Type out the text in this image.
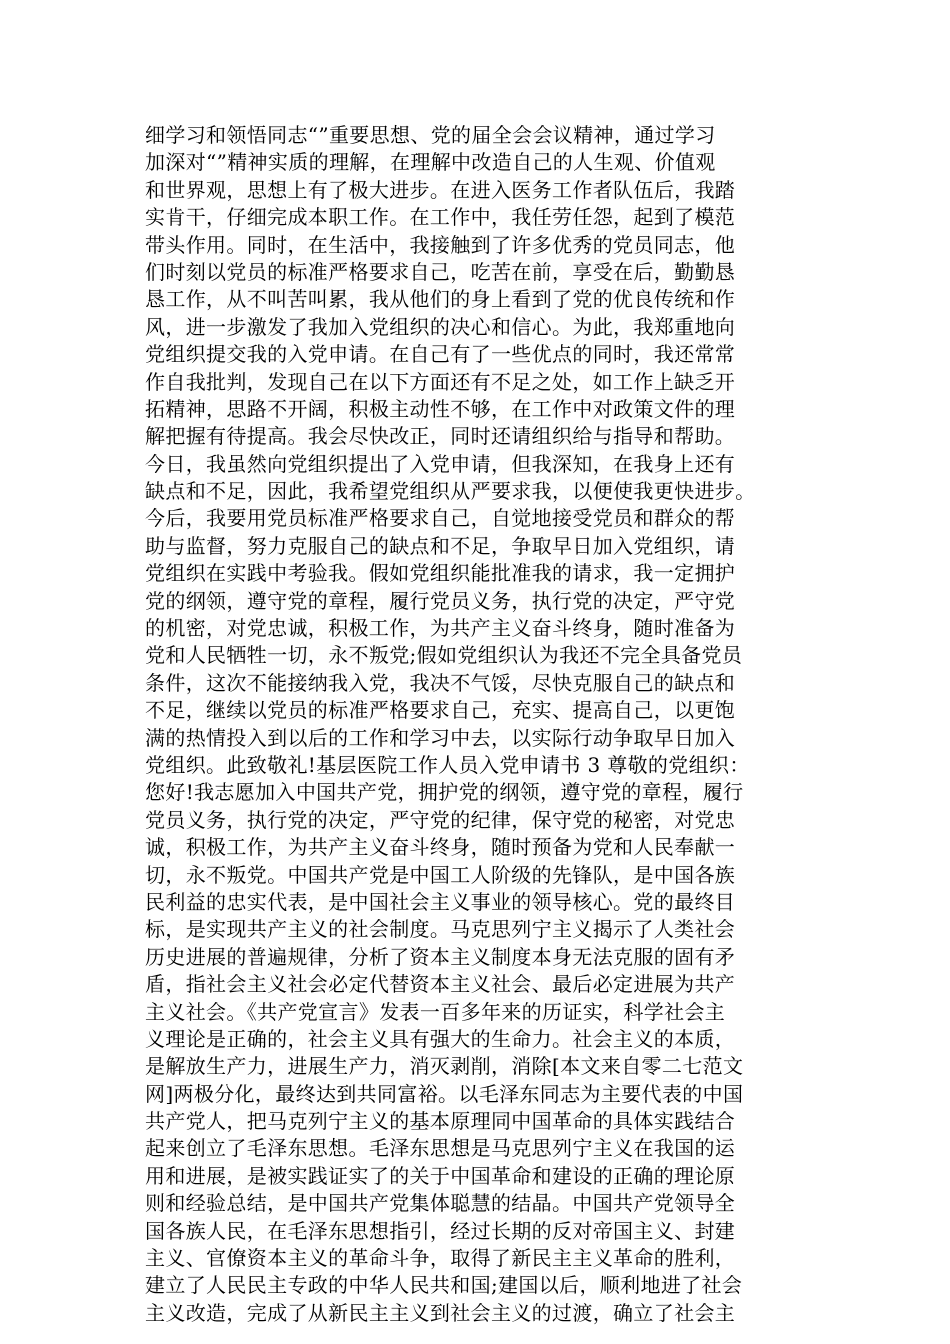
细学习和领悟同志“”重要思想、党的届全会会议精神，通过学习
加深对“”精神实质的理解，在理解中改造自己的人生观、价值观
和世界观，思想上有了极大进步。在进入医务工作者队伍后，我踏
实肯干，仔细完成本职工作。在工作中，我任劳任怨，起到了模范
带头作用。同时，在生活中，我接触到了许多优秀的党员同志，他
们时刻以党员的标准严格要求自己，吃苦在前，享受在后，勤勤恳
恳工作，从不叫苦叫累，我从他们的身上看到了党的优良传统和作
风，进一步激发了我加入党组织的决心和信心。为此，我郑重地向
党组织提交我的入党申请。在自己有了一些优点的同时，我还常常
作自我批判，发现自己在以下方面还有不足之处，如工作上缺乏开
拓精神，思路不开阔，积极主动性不够，在工作中对政策文件的理
解把握有待提高。我会尽快改正，同时还请组织给与指导和帮助。
今日，我虽然向党组织提出了入党申请，但我深知，在我身上还有
缺点和不足，因此，我希望党组织从严要求我，以便使我更快进步。
今后，我要用党员标准严格要求自己，自觉地接受党员和群众的帮
助与监督，努力克服自己的缺点和不足，争取早日加入党组织，请
党组织在实践中考验我。假如党组织能批准我的请求，我一定拥护
党的纲领，遵守党的章程，履行党员义务，执行党的决定，严守党
的机密，对党忠诚，积极工作，为共产主义奋斗终身，随时准备为
党和人民牺牲一切，永不叛党;假如党组织认为我还不完全具备党员
条件，这次不能接纳我入党，我决不气馁，尽快克服自己的缺点和
不足，继续以党员的标准严格要求自己，充实、提高自己，以更饱
满的热情投入到以后的工作和学习中去，以实际行动争取早日加入
党组织。此致敬礼!基层医院工作人员入党申请书 3 尊敬的党组织：
您好!我志愿加入中国共产党，拥护党的纲领，遵守党的章程，履行
党员义务，执行党的决定，严守党的纪律，保守党的秘密，对党忠
诚，积极工作，为共产主义奋斗终身，随时预备为党和人民奉献一
切，永不叛党。中国共产党是中国工人阶级的先锋队，是中国各族
民利益的忠实代表，是中国社会主义事业的领导核心。党的最终目
标，是实现共产主义的社会制度。马克思列宁主义揭示了人类社会
历史进展的普遍规律，分析了资本主义制度本身无法克服的固有矛
盾，指社会主义社会必定代替资本主义社会、最后必定进展为共产
主义社会。《共产党宣言》发表一百多年来的历证实，科学社会主
义理论是正确的，社会主义具有强大的生命力。社会主义的本质，
是解放生产力，进展生产力，消灭剥削，消除[本文来自零二七范文
网]两极分化，最终达到共同富裕。以毛泽东同志为主要代表的中国
共产党人，把马克列宁主义的基本原理同中国革命的具体实践结合
起来创立了毛泽东思想。毛泽东思想是马克思列宁主义在我国的运
用和进展，是被实践证实了的关于中国革命和建设的正确的理论原
则和经验总结，是中国共产党集体聪慧的结晶。中国共产党领导全
国各族人民，在毛泽东思想指引，经过长期的反对帝国主义、封建
主义、官僚资本主义的革命斗争，取得了新民主主义革命的胜利，
建立了人民民主专政的中华人民共和国;建国以后，顺利地进了社会
主义改造，完成了从新民主主义到社会主义的过渡，确立了社会主
